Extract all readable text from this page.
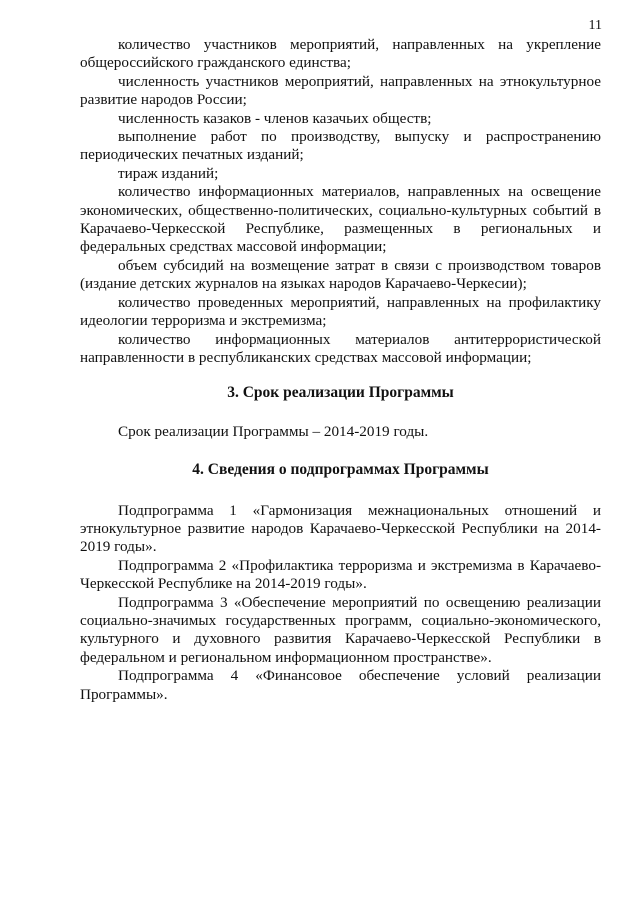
11

количество участников мероприятий, направленных на укрепление общероссийского гражданского единства;

численность участников мероприятий, направленных на этнокультурное развитие народов России;

численность казаков - членов казачьих обществ;

выполнение работ по производству, выпуску и распространению периодических печатных изданий;

тираж изданий;

количество информационных материалов, направленных на освещение экономических, общественно-политических, социально-культурных событий в Карачаево-Черкесской Республике, размещенных в региональных и федеральных средствах массовой информации;

объем субсидий на возмещение затрат в связи с производством товаров (издание детских журналов на языках народов Карачаево-Черкесии);

количество проведенных мероприятий, направленных на профилактику идеологии терроризма и экстремизма;

количество информационных материалов антитеррористической направленности в республиканских средствах массовой информации;

3. Срок реализации Программы

Срок реализации Программы – 2014-2019 годы.

4. Сведения о подпрограммах Программы

Подпрограмма 1 «Гармонизация межнациональных отношений и этнокультурное развитие народов Карачаево-Черкесской Республики на 2014-2019 годы».

Подпрограмма 2 «Профилактика терроризма и экстремизма в Карачаево-Черкесской Республике на 2014-2019 годы».

Подпрограмма 3 «Обеспечение мероприятий по освещению реализации социально-значимых государственных программ, социально-экономического, культурного и духовного развития Карачаево-Черкесской Республики в федеральном и региональном информационном пространстве».

Подпрограмма 4 «Финансовое обеспечение условий реализации Программы».
